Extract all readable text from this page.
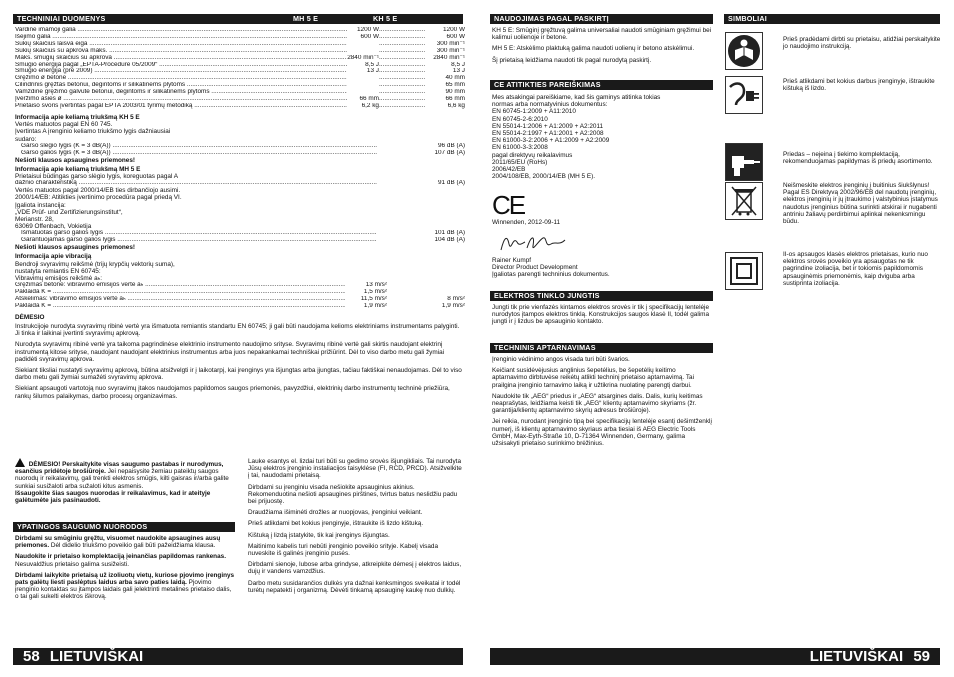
TECHNINIAI DUOMENYS	MH 5 E	KH 5 E
Vardinė imamoji galia .....	1200 W .....	1200 W
Išėjimo galia .....	600 W .....	600 W
Sūkių skaičius laisva eiga ..... .....	300 min⁻¹
Sūkių skaičius su apkrova maks. ..... .....	300 min⁻¹
Maks. smūgių skaičius su apkrova .....	2840 min⁻¹ .....	2840 min⁻¹
Smūgio energija pagal „EPTA-Procedure 05/2009“ .....	8,5 J .....	8,5 J
Smūgio energija (pre 2009) .....	13 J .....	13 J
Gręžimo ø betone ..... .....	40 mm
Cilindrinis gręžtas betonui, degintoms ir silikatinėms plytoms ..... .....	65 mm
Vamzdinė gręžimo galvutė betonui, degintoms ir silikatinėms plytoms ..... .....	90 mm
Įveržimo ašies ø .....	66 mm .....	66 mm
Prietaiso svoris įvertintas pagal EPTA 2003/01 tyrimų metodiką .....	6,2 kg .....	6,6 kg
Informacija apie keliamą triukšmą KH 5 E
Vertės matuotos pagal EN 60 745.
Įvertintas A įrenginio keliamo triukšmo lygis dažniausiai
sudaro:
Garso slėgio lygis (K = 3 dB(A)) .....	96 dB (A)
Garso galios lygis (K = 3 dB(A)) .....	107 dB (A)
Nešioti klausos apsaugines priemones!
Informacija apie keliamą triukšmą MH 5 E
Prietaisui būdingas garso slėgio lygis, koreguotas pagal A
dažnio charakteristiką .....	91 dB (A)
Vertės matuotos pagal 2000/14/EB ties dirbančiojo ausimi.
2000/14/EB: Atitikties įvertinimo procedūra pagal priedą VI.
Įgaliota instancija:
„VDE Prüf- und Zertifizierungsinstitut“,
Merianstr. 28,
63069 Offenbach, Vokietija
Išmatuotas garso galios lygis .....	101 dB (A)
Garantuojamas garso galios lygis .....	104 dB (A)
Nešioti klausos apsaugines priemones!
Informacija apie vibraciją
Bendroji svyravimų reikšmė (trijų krypčių vektorių suma),
nustatyta remiantis EN 60745:
Vibravimų emisijos reikšmė aₕ:
Gręžimas betone: vibravimo emisijos vertė aₕ .....	13 m/s²
Paklaida K = .....	1,5 m/s²
Atskėlimas: vibravimo emisijos vertė aₕ .....	11,5 m/s²	8 m/s²
Paklaida K = .....	1,9 m/s²	1,9 m/s²
DĖMESIO

Instrukcijoje nurodyta svyravimų ribinė vertė yra išmatuota remiantis standartu EN 60745; ji gali būti naudojama kelioms elektriniams instrumentams palyginti. Ji tinka ir laikinai įvertinti svyravimų apkrovą.

Nurodyta svyravimų ribinė vertė yra taikoma pagrindinėse elektrinio instrumento naudojimo srityse. Svyravimų ribinė vertė gali skirtis naudojant elektrinį instrumentą kitose srityse, naudojant naudojant elektrinius instrumentus arba juos nepakankamai techniškai prižiūrint. Dėl to viso darbo metu gali žymiai padidėti svyravimų apkrova.

Siekiant tiksliai nustatyti svyravimų apkrovą, būtina atsižvelgti ir į laikotarpį, kai įrenginys yra išjungtas arba įjungtas, tačiau faktiškai nenaudojamas. Dėl to viso darbo metu gali žymiai sumažėti svyravimų apkrova.

Siekiant apsaugoti vartotoją nuo svyravimų įtakos naudojamos papildomos saugos priemonės, pavyzdžiui, elektrinių darbo instrumentų techninė priežiūra, rankų šilumos palaikymas, darbo procesų organizavimas.

DĖMESIO! Perskaitykite visas saugumo pastabas ir nurodymus, esančius pridėtoje brošiūroje. Jei nepaisysite žemiau pateiktų saugos nuorodų ir reikalavimų, gali trenkti elektros smūgis, kilti gaisras ir/arba galite sunkiai susižaloti arba sužaloti kitus asmenis.
Išsaugokite šias saugos nuorodas ir reikalavimus, kad ir ateityje galėtumėte jais pasinaudoti.

YPATINGOS SAUGUMO NUORODOS

Dirbdami su smūginiu gręžtu, visuomet naudokite apsaugines ausų priemones. Dėl didelio triukšmo poveikio gali būti pažeidžiama klausa.

Naudokite ir prietaiso komplektaciją įeinančias papildomas rankenas. Nesuvaldžius prietaiso galima susižeisti.

Dirbdami laikykite prietaisą už izoliuotų vietų, kuriose pjovimo įrenginys pats galėtų liesti paslėptus laidus arba savo paties laidą. Pjovimo įrenginio kontaktas su įtampos laidais gali įelektrinti metalines prietaiso dalis, o tai gali sukelti elektros iškrovą.

Lauke esantys el. lizdai turi būti su gedimo srovės išjungikliais. Tai nurodyta Jūsų elektros įrenginio instaliacijos taisyklėse (FI, RCD, PRCD). Atsižvelkite į tai, naudodami prietaisą.

Dirbdami su įrenginiu visada nešiokite apsauginius akinius. Rekomenduotina nešioti apsaugines pirštines, tvirtus batus neslidžiu padu bei prijuostę.

Draudžiama išiminėti drožles ar nuopjovas, įrenginiui veikiant.

Prieš atlikdami bet kokius įrenginyje, ištraukite iš lizdo kištuką.

Kištuką į lizdą įstatykite, tik kai įrenginys išjungtas.

Maitinimo kabelis turi nebūti įrenginio poveikio srityje. Kabelį visada nuveskite iš galinės įrenginio pusės.

Dirbdami sienoje, lubose arba grindyse, atkreipkite dėmesį į elektros laidus, dujų ir vandens vamzdžius.

Darbo metu susidarančios dulkės yra dažnai kenksmingos sveikatai ir todėl turėtų nepatekti į organizmą. Dėvėti tinkamą apsauginę kaukę nuo dulkių.

58 LIETUVIŠKAI
NAUDOJIMAS PAGAL PASKIRTĮ

KH 5 E: Smūginį gręžtuvą galima universaliai naudoti smūginiam gręžimui bei kalimui uolienoje ir betone.

MH 5 E: Atskėlimo plaktuką galima naudoti uolienų ir betono atskėlimui.

Šį prietaisą leidžiama naudoti tik pagal nurodytą paskirtį.

CE ATITIKTIES PAREIŠKIMAS
Mes atsakingai pareiškiame, kad šis gaminys atitinka tokias
normas arba normatyvinius dokumentus:
EN 60745-1:2009 + A11:2010
EN 60745-2-6:2010
EN 55014-1:2006 + A1:2009 + A2:2011
EN 55014-2:1997 + A1:2001 + A2:2008
EN 61000-3-2:2006 + A1:2009 + A2:2009
EN 61000-3-3:2008
pagal direktyvų reikalavimus
2011/65/EU (RoHs)
2006/42/EB
2004/108/EB, 2000/14/EB (MH 5 E).
CE
Winnenden, 2012-09-11
Rainer Kumpf
Director Product Development
Įgaliotas parengti techninius dokumentus.
ELEKTROS TINKLO JUNGTIS
Jungti tik prie vienfazės kintamos elektros srovės ir tik į specifikacijų lentelėje nurodytos įtampos elektros tinklą. Konstrukcijos saugos klasė II, todėl galima jungti ir į lizdus be apsauginio kontakto.
TECHNINIS APTARNAVIMAS

Įrenginio vėdinimo angos visada turi būti švarios.

Keičiant susidėvėjusius anglinius šepetėlius, be šepetėlių keitimo aptarnavimo dirbtuvėse reikėtų atlikti techninį prietaiso aptarnavimą. Tai prailgina įrenginio tarnavimo laiką ir užtikrina nuolatinę parengtį darbui.

Naudokite tik „AEG“ priedus ir „AEG“ atsargines dalis. Dalis, kurių keitimas neaprašytas, leidžiama keisti tik „AEG“ klientų aptarnavimo skyriams (žr. garantija/klientų aptarnavimo skyrių adresus brošiūroje).

Jei reikia, nurodant įrenginio tipą bei specifikacijų lentelėje esantį dešimtženklį numerį, iš klientų aptarnavimo skyriaus arba tiesiai iš AEG Electric Tools GmbH, Max-Eyth-Straße 10, D-71364 Winnenden, Germany, galima užsisakyti prietaiso surinkimo brėžinius.

SIMBOLIAI
Prieš pradėdami dirbti su prietaisu, atidžiai perskaitykite jo naudojimo instrukciją.
Prieš atlikdami bet kokius darbus įrenginyje, ištraukite kištuką iš lizdo.
Priedas – nejeina į tiekimo komplektaciją, rekomenduojamas papildymas iš priedų asortimento.
Neišmeskite elektros įrenginių į buitinius šiukšlynus! Pagal ES Direktyvą 2002/96/EB del naudotų įrenginių, elektros įrenginių ir jų įtraukimo į valstybinius įstatymus naudotus įrenginius būtina surinkti atskirai ir nugabenti antriniu žaliavų perdirbimui aplinkai nekenksmingu būdu.
II-os apsaugos klasės elektros prietaisas, kurio nuo elektros srovės poveikio yra apsaugotas ne tik pagrindine izoliacija, bet ir tokiomis papildomomis apsauginėmis priemonėmis, kaip dviguba arba sustiprinta izoliacija.
LIETUVIŠKAI 59
